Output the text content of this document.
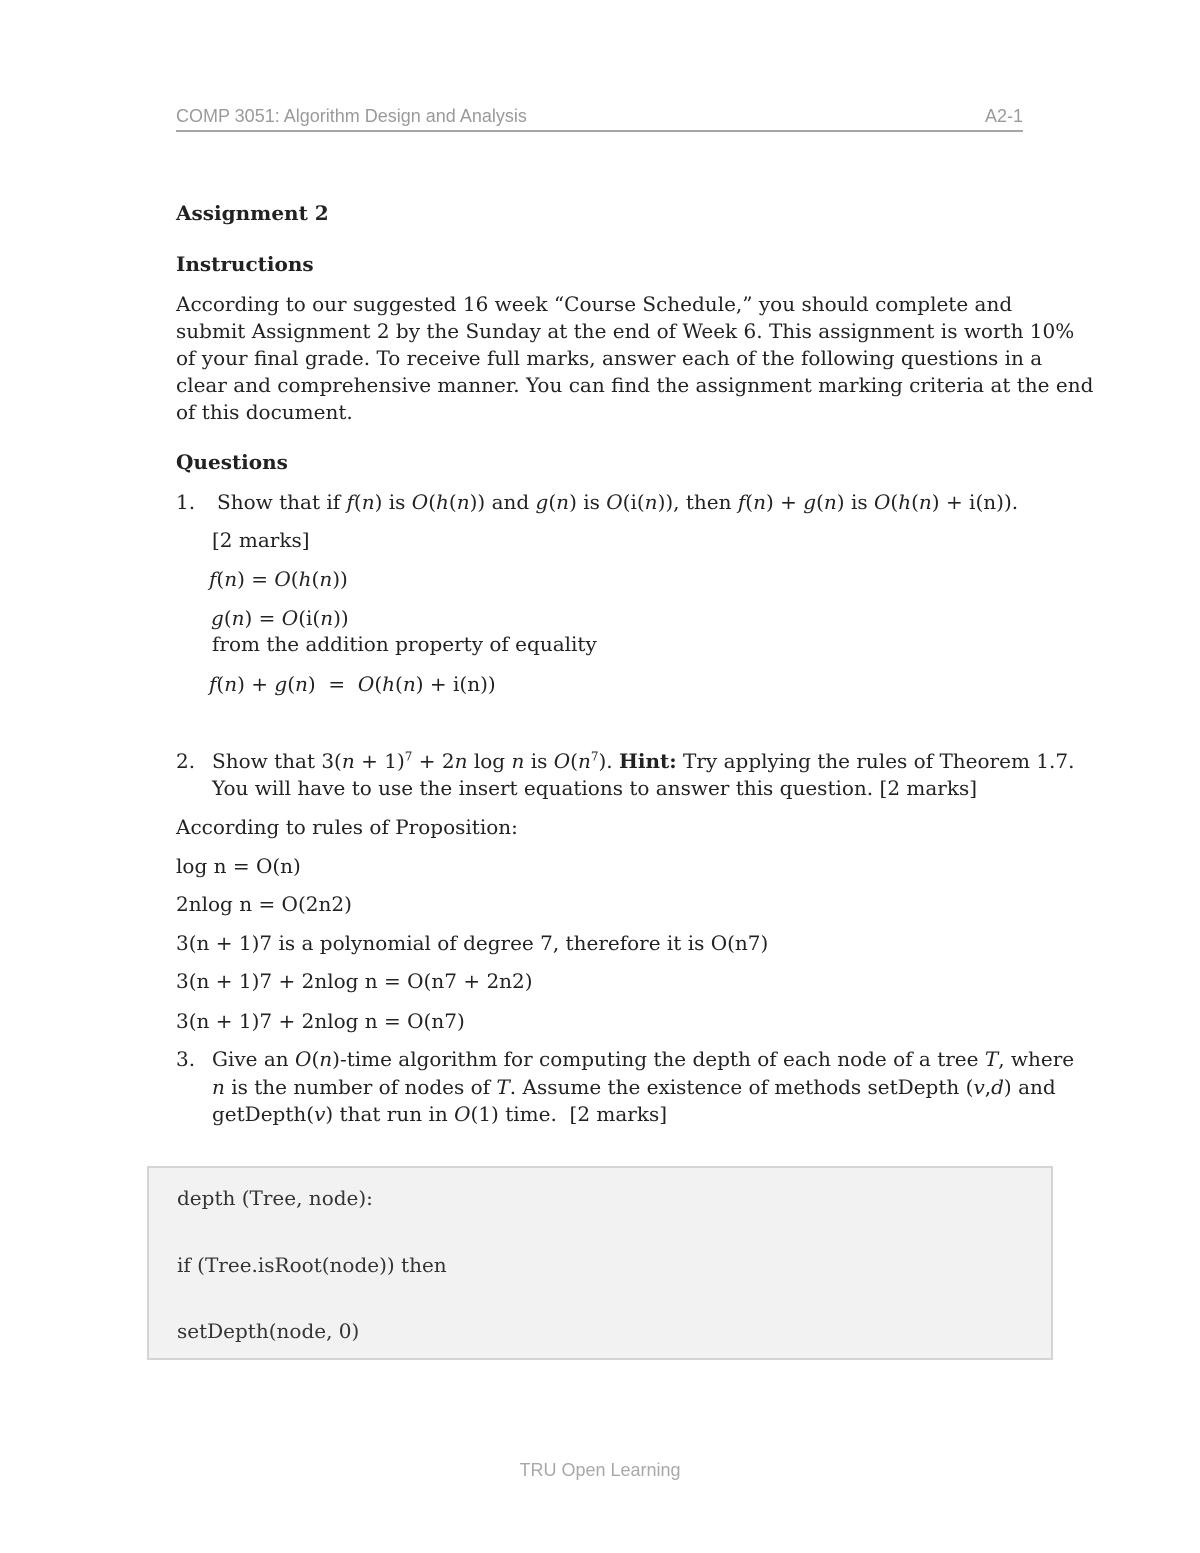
COMP 3051: Algorithm Design and Analysis	A2-1
Assignment 2
Instructions
According to our suggested 16 week “Course Schedule,” you should complete and
submit Assignment 2 by the Sunday at the end of Week 6. This assignment is worth 10%
of your final grade. To receive full marks, answer each of the following questions in a
clear and comprehensive manner. You can find the assignment marking criteria at the end
of this document.
Questions
1. Show that if f(n) is O(h(n)) and g(n) is O(i(n)), then f(n) + g(n) is O(h(n) + i(n)).
[2 marks]
f(n) = O(h(n))
g(n) = O(i(n))
from the addition property of equality
f(n) + g(n)  =  O(h(n) + i(n))
2. Show that $3(n + 1)^7 + 2n$ log n is $O(n^7)$. Hint: Try applying the rules of Theorem 1.7.
You will have to use the insert equations to answer this question. [2 marks]
According to rules of Proposition:
log n = O(n)
2nlog n = O(2n2)
3(n + 1)7 is a polynomial of degree 7, therefore it is O(n7)
3(n + 1)7 + 2nlog n = O(n7 + 2n2)
3(n + 1)7 + 2nlog n = O(n7)
3. Give an O(n)-time algorithm for computing the depth of each node of a tree T, where
n is the number of nodes of T. Assume the existence of methods setDepth (v,d) and
getDepth(v) that run in O(1) time.  [2 marks]
depth (Tree, node):
if (Tree.isRoot(node)) then
setDepth(node, 0)
TRU Open Learning
